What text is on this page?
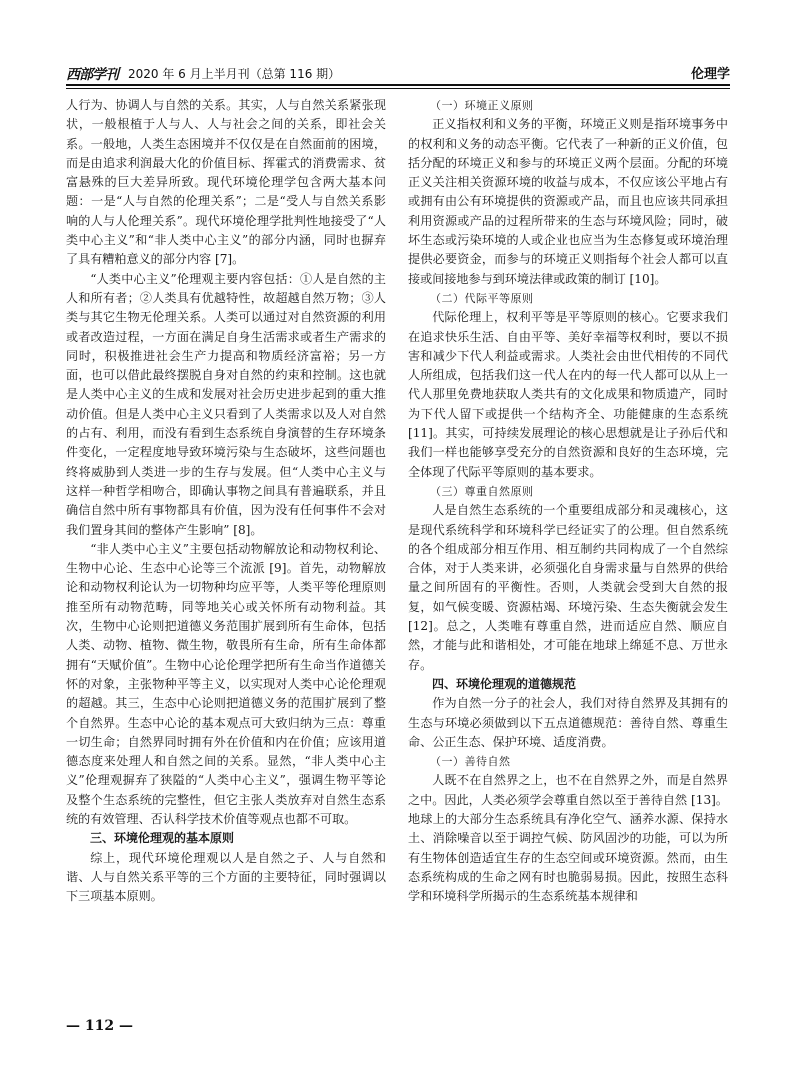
西部学刊 2020 年 6 月上半月刊（总第 116 期）	伦理学

人行为、协调人与自然的关系。其实，人与自然关系紧张现状，一般根植于人与人、人与社会之间的关系，即社会关系。一般地，人类生态困境并不仅仅是在自然面前的困境，而是由追求利润最大化的价值目标、挥霍式的消费需求、贫富悬殊的巨大差异所致。现代环境伦理学包含两大基本问题：一是“人与自然的伦理关系”；二是“受人与自然关系影响的人与人伦理关系”。现代环境伦理学批判性地接受了“人类中心主义”和“非人类中心主义”的部分内涵，同时也摒弃了具有糟粕意义的部分内容 [7]。

“人类中心主义”伦理观主要内容包括：①人是自然的主人和所有者；②人类具有优越特性，故超越自然万物；③人类与其它生物无伦理关系。人类可以通过对自然资源的利用或者改造过程，一方面在满足自身生活需求或者生产需求的同时，积极推进社会生产力提高和物质经济富裕；另一方面，也可以借此最终摆脱自身对自然的约束和控制。这也就是人类中心主义的生成和发展对社会历史进步起到的重大推动价值。但是人类中心主义只看到了人类需求以及人对自然的占有、利用，而没有看到生态系统自身演替的生存环境条件变化，一定程度地导致环境污染与生态破坏，这些问题也终将威胁到人类进一步的生存与发展。但“人类中心主义与这样一种哲学相吻合，即确认事物之间具有普遍联系，并且确信自然中所有事物都具有价值，因为没有任何事件不会对我们置身其间的整体产生影响” [8]。

“非人类中心主义”主要包括动物解放论和动物权利论、生物中心论、生态中心论等三个流派 [9]。首先，动物解放论和动物权利论认为一切物种均应平等，人类平等伦理原则推至所有动物范畴，同等地关心或关怀所有动物利益。其次，生物中心论则把道德义务范围扩展到所有生命体，包括人类、动物、植物、微生物，敬畏所有生命，所有生命体都拥有“天赋价值”。生物中心论伦理学把所有生命当作道德关怀的对象，主张物种平等主义，以实现对人类中心论伦理观的超越。其三，生态中心论则把道德义务的范围扩展到了整个自然界。生态中心论的基本观点可大致归纳为三点：尊重一切生命；自然界同时拥有外在价值和内在价值；应该用道德态度来处理人和自然之间的关系。显然，“非人类中心主义”伦理观摒弃了狭隘的“人类中心主义”，强调生物平等论及整个生态系统的完整性，但它主张人类放弃对自然生态系统的有效管理、否认科学技术价值等观点也都不可取。

三、环境伦理观的基本原则

综上，现代环境伦理观以人是自然之子、人与自然和谐、人与自然关系平等的三个方面的主要特征，同时强调以下三项基本原则。

（一）环境正义原则

正义指权利和义务的平衡，环境正义则是指环境事务中的权利和义务的动态平衡。它代表了一种新的正义价值，包括分配的环境正义和参与的环境正义两个层面。分配的环境正义关注相关资源环境的收益与成本，不仅应该公平地占有或拥有由公有环境提供的资源或产品，而且也应该共同承担利用资源或产品的过程所带来的生态与环境风险；同时，破坏生态或污染环境的人或企业也应当为生态修复或环境治理提供必要资金，而参与的环境正义则指每个社会人都可以直接或间接地参与到环境法律或政策的制订 [10]。

（二）代际平等原则

代际伦理上，权利平等是平等原则的核心。它要求我们在追求快乐生活、自由平等、美好幸福等权利时，要以不损害和减少下代人利益或需求。人类社会由世代相传的不同代人所组成，包括我们这一代人在内的每一代人都可以从上一代人那里免费地获取人类共有的文化成果和物质遗产，同时为下代人留下或提供一个结构齐全、功能健康的生态系统 [11]。其实，可持续发展理论的核心思想就是让子孙后代和我们一样也能够享受充分的自然资源和良好的生态环境，完全体现了代际平等原则的基本要求。

（三）尊重自然原则

人是自然生态系统的一个重要组成部分和灵魂核心，这是现代系统科学和环境科学已经证实了的公理。但自然系统的各个组成部分相互作用、相互制约共同构成了一个自然综合体，对于人类来讲，必须强化自身需求量与自然界的供给量之间所固有的平衡性。否则，人类就会受到大自然的报复，如气候变暖、资源枯竭、环境污染、生态失衡就会发生 [12]。总之，人类唯有尊重自然，进而适应自然、顺应自然，才能与此和谐相处，才可能在地球上绵延不息、万世永存。

四、环境伦理观的道德规范

作为自然一分子的社会人，我们对待自然界及其拥有的生态与环境必须做到以下五点道德规范：善待自然、尊重生命、公正生态、保护环境、适度消费。

（一）善待自然

人既不在自然界之上，也不在自然界之外，而是自然界之中。因此，人类必须学会尊重自然以至于善待自然 [13]。地球上的大部分生态系统具有净化空气、涵养水源、保持水土、消除噪音以至于调控气候、防风固沙的功能，可以为所有生物体创造适宜生存的生态空间或环境资源。然而，由生态系统构成的生命之网有时也脆弱易损。因此，按照生态科学和环境科学所揭示的生态系统基本规律和

— 112 —
